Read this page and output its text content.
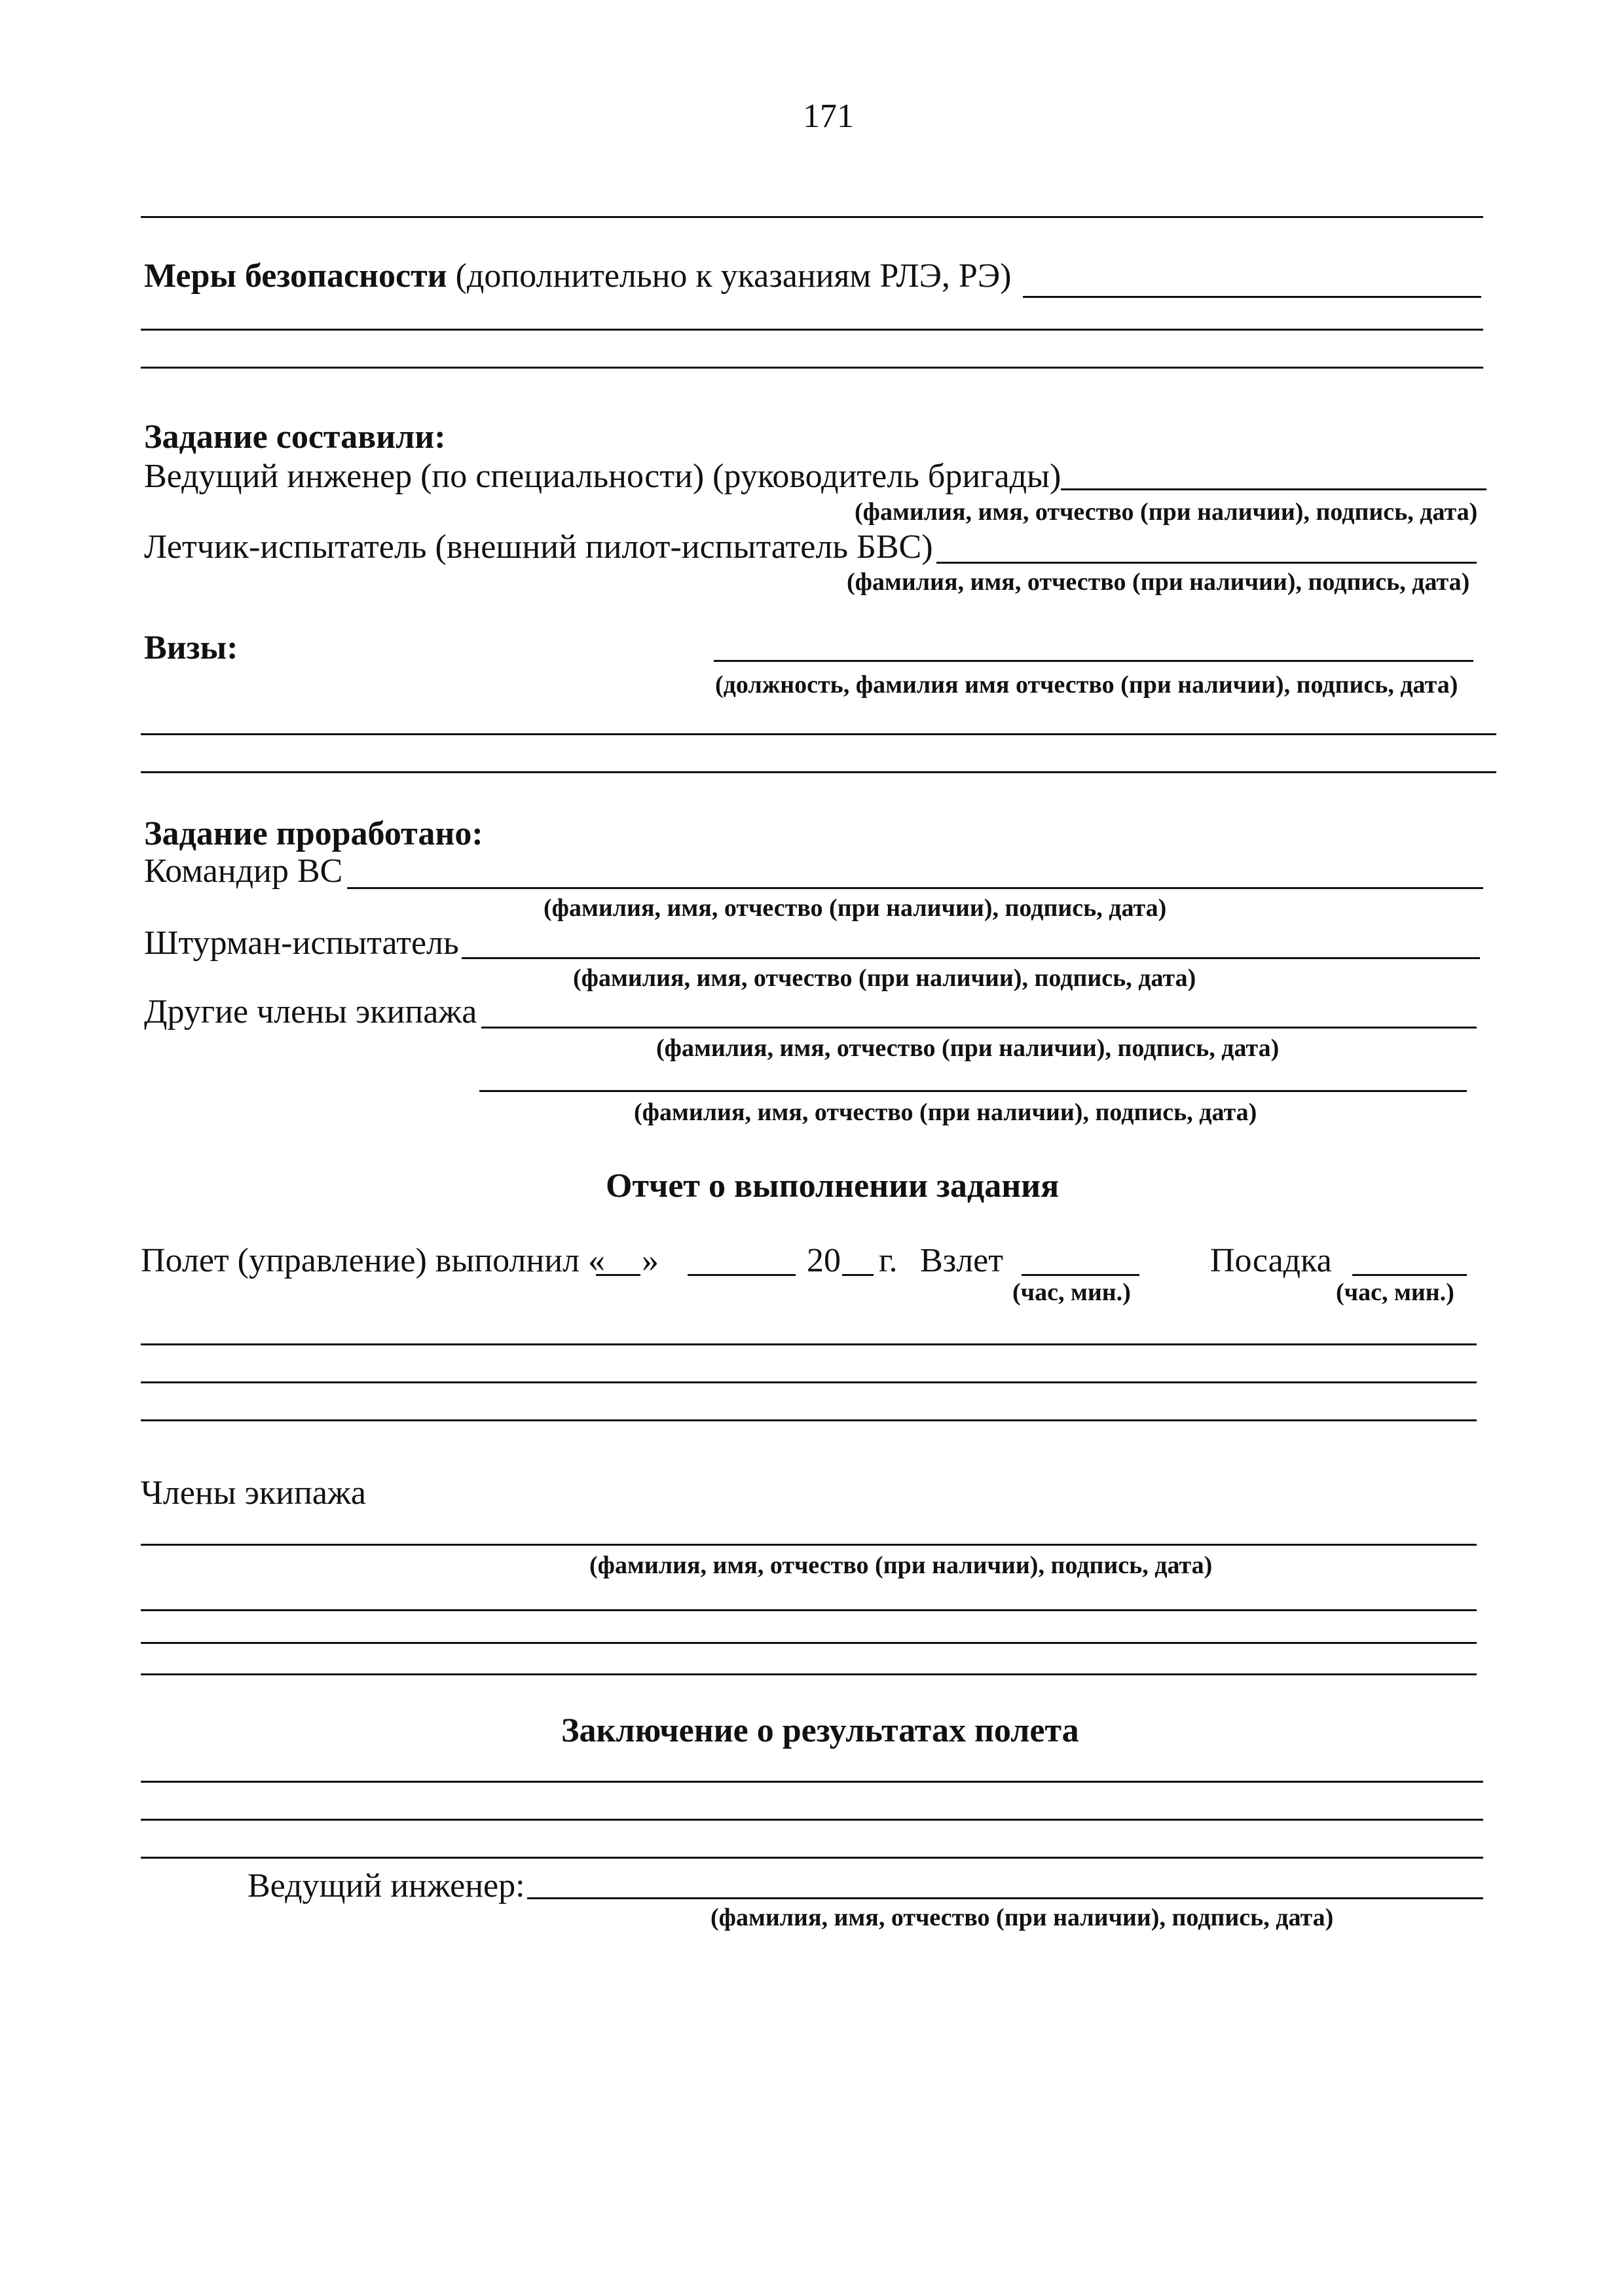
171
Меры безопасности (дополнительно к указаниям РЛЭ, РЭ)
Задание составили:
Ведущий инженер (по специальности) (руководитель бригады)
(фамилия, имя, отчество (при наличии), подпись, дата)
Летчик-испытатель (внешний пилот-испытатель БВС)
(фамилия, имя, отчество (при наличии), подпись, дата)
Визы:
(должность, фамилия имя отчество (при наличии), подпись, дата)
Задание проработано:
Командир ВС
(фамилия, имя, отчество (при наличии), подпись, дата)
Штурман-испытатель
(фамилия, имя, отчество (при наличии), подпись, дата)
Другие члены экипажа
(фамилия, имя, отчество (при наличии), подпись, дата)
(фамилия, имя, отчество (при наличии), подпись, дата)
Отчет о выполнении задания
Полет (управление) выполнил « »	20 г. Взлет
(час, мин.)
Посадка
(час, мин.)
Члены экипажа
(фамилия, имя, отчество (при наличии), подпись, дата)
Заключение о результатах полета
Ведущий инженер:
(фамилия, имя, отчество (при наличии), подпись, дата)
